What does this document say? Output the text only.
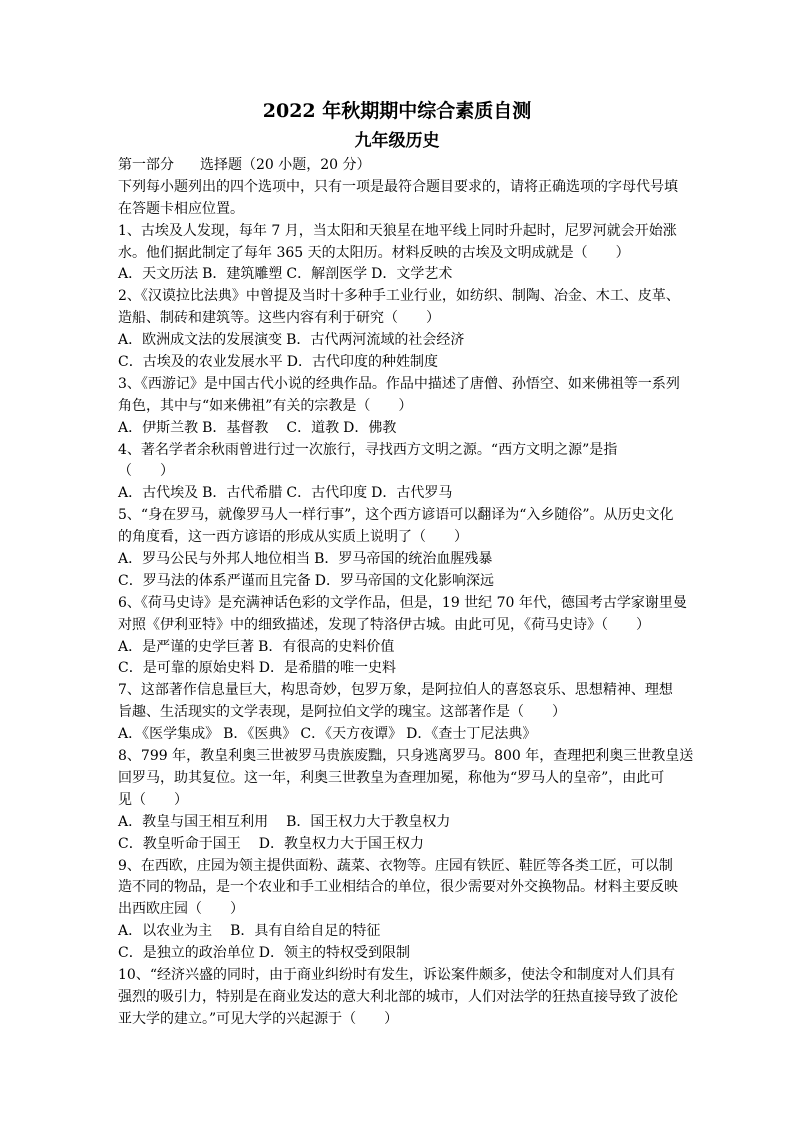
2022 年秋期期中综合素质自测
九年级历史
第一部分 选择题（20 小题，20 分）
下列每小题列出的四个选项中，只有一项是最符合题目要求的，请将正确选项的字母代号填
在答题卡相应位置。
1、古埃及人发现，每年 7 月，当太阳和天狼星在地平线上同时升起时，尼罗河就会开始涨
水。他们据此制定了每年 365 天的太阳历。材料反映的古埃及文明成就是（　　）
A．天文历法 B．建筑雕塑 C．解剖医学 D．文学艺术
2、《汉谟拉比法典》中曾提及当时十多种手工业行业，如纺织、制陶、冶金、木工、皮革、
造船、制砖和建筑等。这些内容有利于研究（　　）
A．欧洲成文法的发展演变 B．古代两河流域的社会经济
C．古埃及的农业发展水平 D．古代印度的种姓制度
3、《西游记》是中国古代小说的经典作品。作品中描述了唐僧、孙悟空、如来佛祖等一系列
角色，其中与“如来佛祖”有关的宗教是（　　）
A．伊斯兰教 B．基督教 C．道教 D．佛教
4、著名学者余秋雨曾进行过一次旅行，寻找西方文明之源。“西方文明之源”是指
（　　）
A．古代埃及 B．古代希腊 C．古代印度 D．古代罗马
5、“身在罗马，就像罗马人一样行事”，这个西方谚语可以翻译为“入乡随俗”。从历史文化
的角度看，这一西方谚语的形成从实质上说明了（　　）
A．罗马公民与外邦人地位相当 B．罗马帝国的统治血腥残暴
C．罗马法的体系严谨而且完备 D．罗马帝国的文化影响深远
6、《荷马史诗》是充满神话色彩的文学作品，但是，19 世纪 70 年代，德国考古学家谢里曼
对照《伊利亚特》中的细致描述，发现了特洛伊古城。由此可见，《荷马史诗》（　　）
A．是严谨的史学巨著 B．有很高的史料价值
C．是可靠的原始史料 D．是希腊的唯一史料
7、这部著作信息量巨大，构思奇妙，包罗万象，是阿拉伯人的喜怒哀乐、思想精神、理想
旨趣、生活现实的文学表现，是阿拉伯文学的瑰宝。这部著作是（　　）
A．《医学集成》 B．《医典》 C．《天方夜谭》 D．《查士丁尼法典》
8、799 年，教皇利奥三世被罗马贵族废黜，只身逃离罗马。800 年，查理把利奥三世教皇送
回罗马，助其复位。这一年，利奥三世教皇为查理加冕，称他为“罗马人的皇帝”，由此可
见（　　）
A．教皇与国王相互利用 B．国王权力大于教皇权力
C．教皇听命于国王 D．教皇权力大于国王权力
9、在西欧，庄园为领主提供面粉、蔬菜、衣物等。庄园有铁匠、鞋匠等各类工匠，可以制
造不同的物品，是一个农业和手工业相结合的单位，很少需要对外交换物品。材料主要反映
出西欧庄园（　　）
A．以农业为主 B．具有自给自足的特征
C．是独立的政治单位 D．领主的特权受到限制
10、“经济兴盛的同时，由于商业纠纷时有发生，诉讼案件颇多，使法令和制度对人们具有
强烈的吸引力，特别是在商业发达的意大利北部的城市，人们对法学的狂热直接导致了波伦
亚大学的建立。”可见大学的兴起源于（　　）
